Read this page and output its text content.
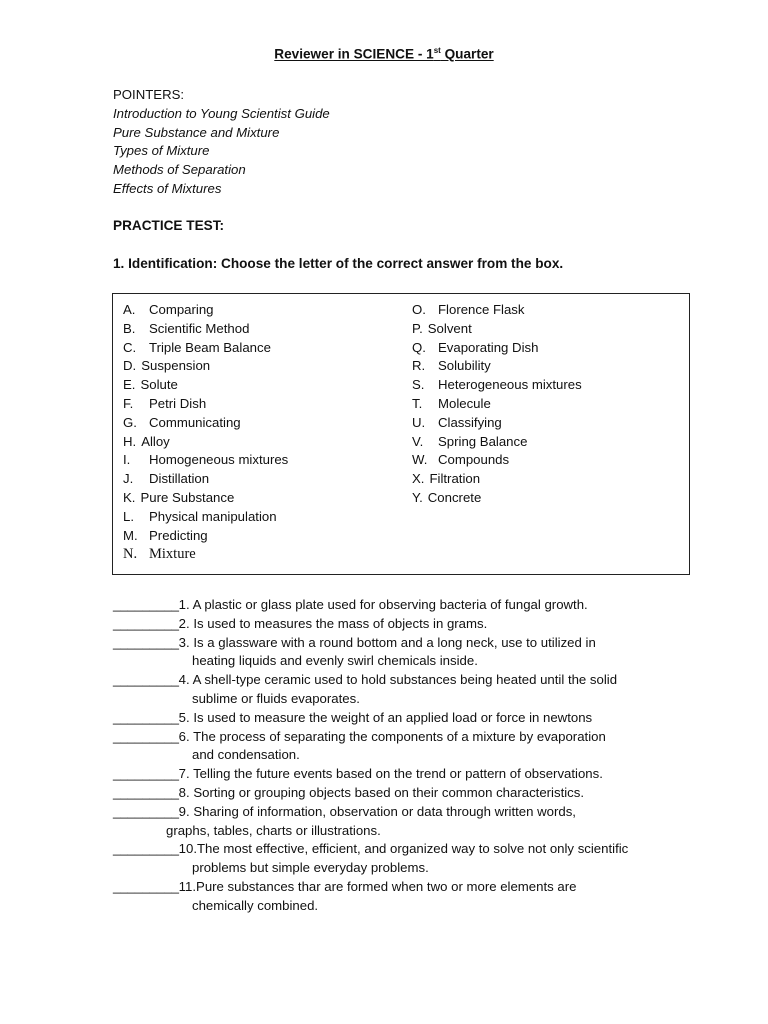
Reviewer in SCIENCE - 1st Quarter
POINTERS:
Introduction to Young Scientist Guide
Pure Substance and Mixture
Types of Mixture
Methods of Separation
Effects of Mixtures
PRACTICE TEST:
1. Identification: Choose the letter of the correct answer from the box.
A. Comparing
B. Scientific Method
C. Triple Beam Balance
D. Suspension
E. Solute
F. Petri Dish
G. Communicating
H. Alloy
I. Homogeneous mixtures
J. Distillation
K. Pure Substance
L. Physical manipulation
M. Predicting
N. Mixture
O. Florence Flask
P. Solvent
Q. Evaporating Dish
R. Solubility
S. Heterogeneous mixtures
T. Molecule
U. Classifying
V. Spring Balance
W. Compounds
X. Filtration
Y. Concrete
_________ 1. A plastic or glass plate used for observing bacteria of fungal growth.
_________ 2. Is used to measures the mass of objects in grams.
_________ 3. Is a glassware with a round bottom and a long neck, use to utilized in
heating liquids and evenly swirl chemicals inside.
_________ 4. A shell-type ceramic used to hold substances being heated until the solid
sublime or fluids evaporates.
_________ 5. Is used to measure the weight of an applied load or force in newtons
_________ 6. The process of separating the components of a mixture by evaporation
and condensation.
_________ 7. Telling the future events based on the trend or pattern of observations.
_________ 8. Sorting or grouping objects based on their common characteristics.
_________ 9. Sharing of information, observation or data through written words,
graphs, tables, charts or illustrations.
_________ 10.The most effective, efficient, and organized way to solve not only scientific
problems but simple everyday problems.
_________ 11.Pure substances thar are formed when two or more elements are
chemically combined.
